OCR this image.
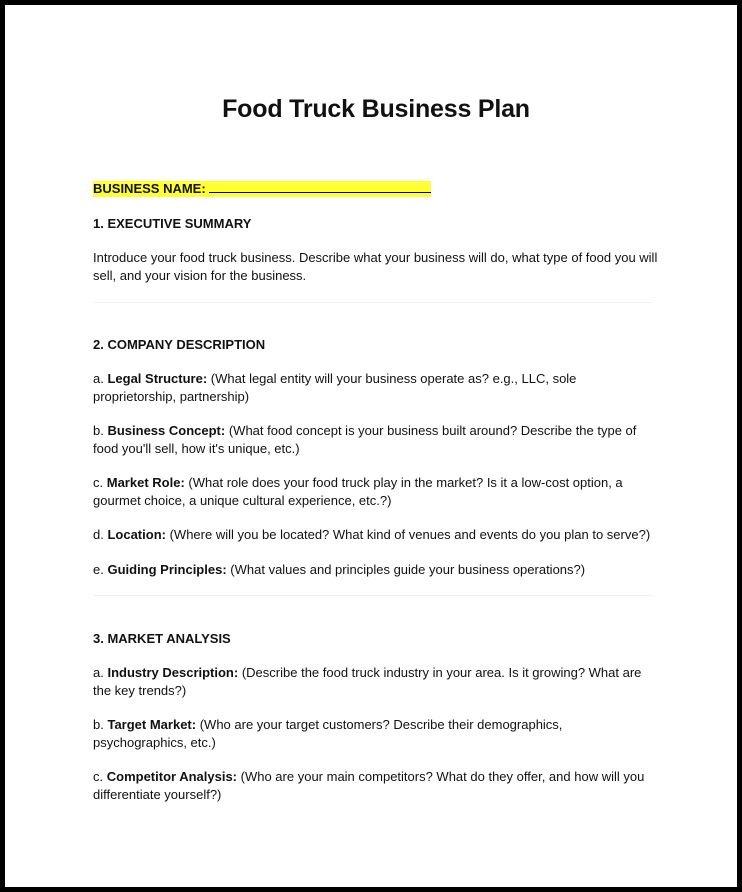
Food Truck Business Plan
BUSINESS NAME:
1. EXECUTIVE SUMMARY

Introduce your food truck business. Describe what your business will do, what type of food you will sell, and your vision for the business.

2. COMPANY DESCRIPTION

a. Legal Structure: (What legal entity will your business operate as? e.g., LLC, sole proprietorship, partnership)

b. Business Concept: (What food concept is your business built around? Describe the type of food you'll sell, how it's unique, etc.)

c. Market Role: (What role does your food truck play in the market? Is it a low-cost option, a gourmet choice, a unique cultural experience, etc.?)

d. Location: (Where will you be located? What kind of venues and events do you plan to serve?)

e. Guiding Principles: (What values and principles guide your business operations?)

3. MARKET ANALYSIS

a. Industry Description: (Describe the food truck industry in your area. Is it growing? What are the key trends?)

b. Target Market: (Who are your target customers? Describe their demographics, psychographics, etc.)

c. Competitor Analysis: (Who are your main competitors? What do they offer, and how will you differentiate yourself?)
